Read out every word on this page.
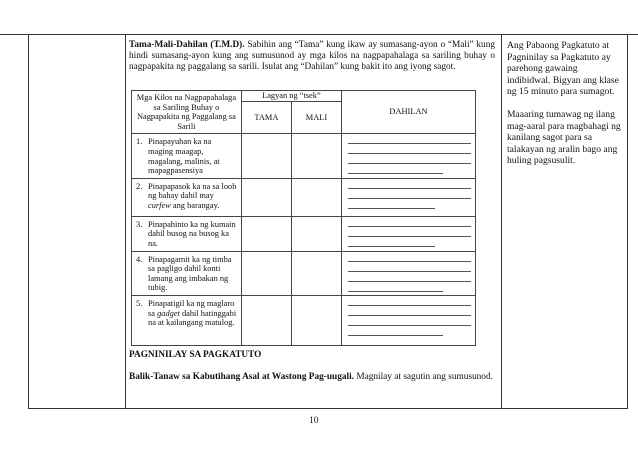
Tama-Mali-Dahilan (T.M.D). Sabihin ang “Tama” kung ikaw ay sumasang-ayon o “Mali” kung hindi sumasang-ayon kung ang sumusunod ay mga kilos na nagpapahalaga sa sariling buhay o nagpapakita ng paggalang sa sarili. Isulat ang “Dahilan” kung bakit ito ang iyong sagot.
Mga Kilos na Nagpapahalaga sa Sariling Buhay o Nagpapakita ng Paggalang sa Sarili	Lagyan ng “tsek”		DAHILAN
	TAMA	MALI	
1. Pinapayuhan ka na maging maagap, magalang, malinis, at mapagpasensiya			

2. Pinapapasok ka na sa loob ng bahay dahil may curfew ang barangay.			

3. Pinapahinto ka ng kumain dahil busog na busog ka na.			

4. Pinapagamit ka ng timba sa pagligo dahil konti lamang ang imbakan ng tubig.			

5. Pinapatigil ka ng maglaro sa gadget dahil hatinggabi na at kailangang matulog.			

PAGNINILAY SA PAGKATUTO
Balik-Tanaw sa Kabutihang Asal at Wastong Pag-uugali. Magnilay at sagutin ang sumusunod.
Ang Pabaong Pagkatuto at Pagninilay sa Pagkatuto ay parehong gawaing indibidwal. Bigyan ang klase ng 15 minuto para sumagot.
Maaaring tumawag ng ilang mag-aaral para magbahagi ng kanilang sagot para sa talakayan ng aralin bago ang huling pagsusulit.
10
